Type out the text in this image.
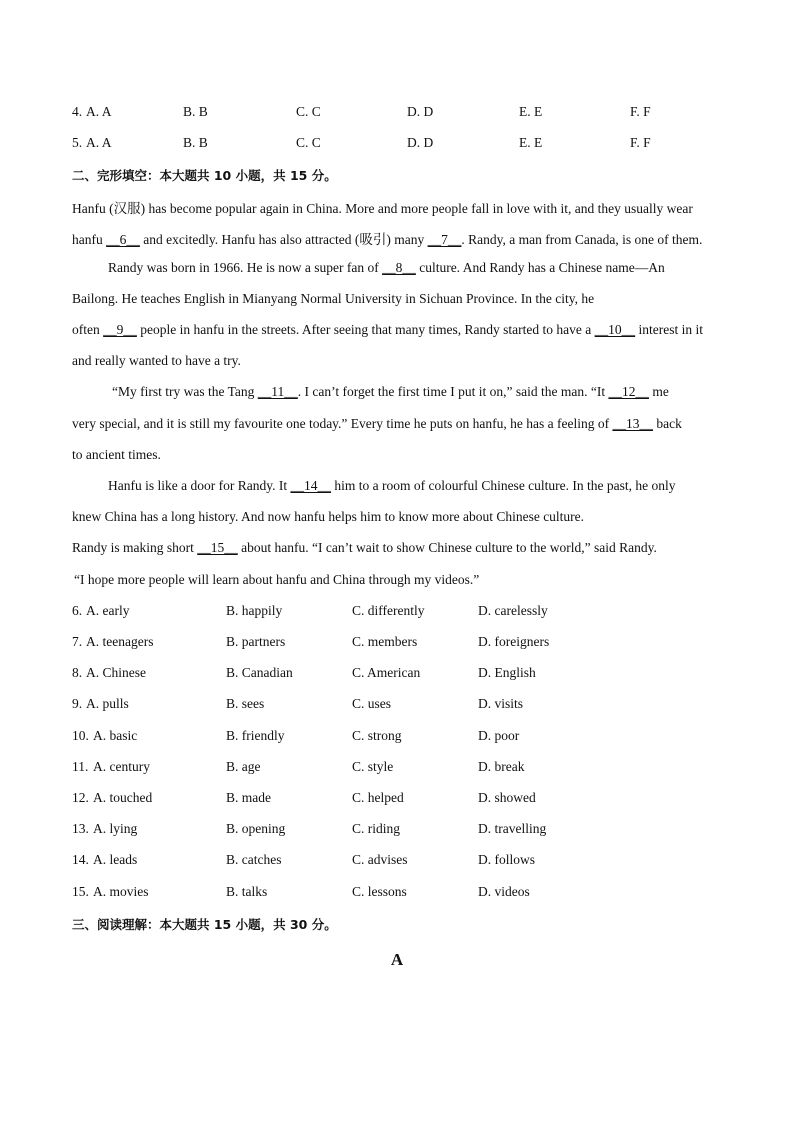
4. A. A	B. B	C. C	D. D	E. E	F. F
5. A. A	B. B	C. C	D. D	E. E	F. F
二、完形填空：本大题共 10 小题，共 15 分。
Hanfu (汉服) has become popular again in China. More and more people fall in love with it, and they usually wear
hanfu __6__ and excitedly. Hanfu has also attracted (吸引) many __7__. Randy, a man from Canada, is one of them.
Randy was born in 1966. He is now a super fan of __8__ culture. And Randy has a Chinese name—An
Bailong. He teaches English in Mianyang Normal University in Sichuan Province. In the city, he
often __9__ people in hanfu in the streets. After seeing that many times, Randy started to have a __10__ interest in it
and really wanted to have a try.
“My first try was the Tang __11__. I can’t forget the first time I put it on,” said the man. “It __12__ me
very special, and it is still my favourite one today.” Every time he puts on hanfu, he has a feeling of __13__ back
to ancient times.
Hanfu is like a door for Randy. It __14__ him to a room of colourful Chinese culture. In the past, he only
knew China has a long history. And now hanfu helps him to know more about Chinese culture.
Randy is making short __15__ about hanfu. “I can’t wait to show Chinese culture to the world,” said Randy.
“I hope more people will learn about hanfu and China through my videos.”
6. A. early	B. happily	C. differently	D. carelessly
7. A. teenagers	B. partners	C. members	D. foreigners
8. A. Chinese	B. Canadian	C. American	D. English
9. A. pulls	B. sees	C. uses	D. visits
10. A. basic	B. friendly	C. strong	D. poor
11. A. century	B. age	C. style	D. break
12. A. touched	B. made	C. helped	D. showed
13. A. lying	B. opening	C. riding	D. travelling
14. A. leads	B. catches	C. advises	D. follows
15. A. movies	B. talks	C. lessons	D. videos
三、阅读理解：本大题共 15 小题，共 30 分。
A
